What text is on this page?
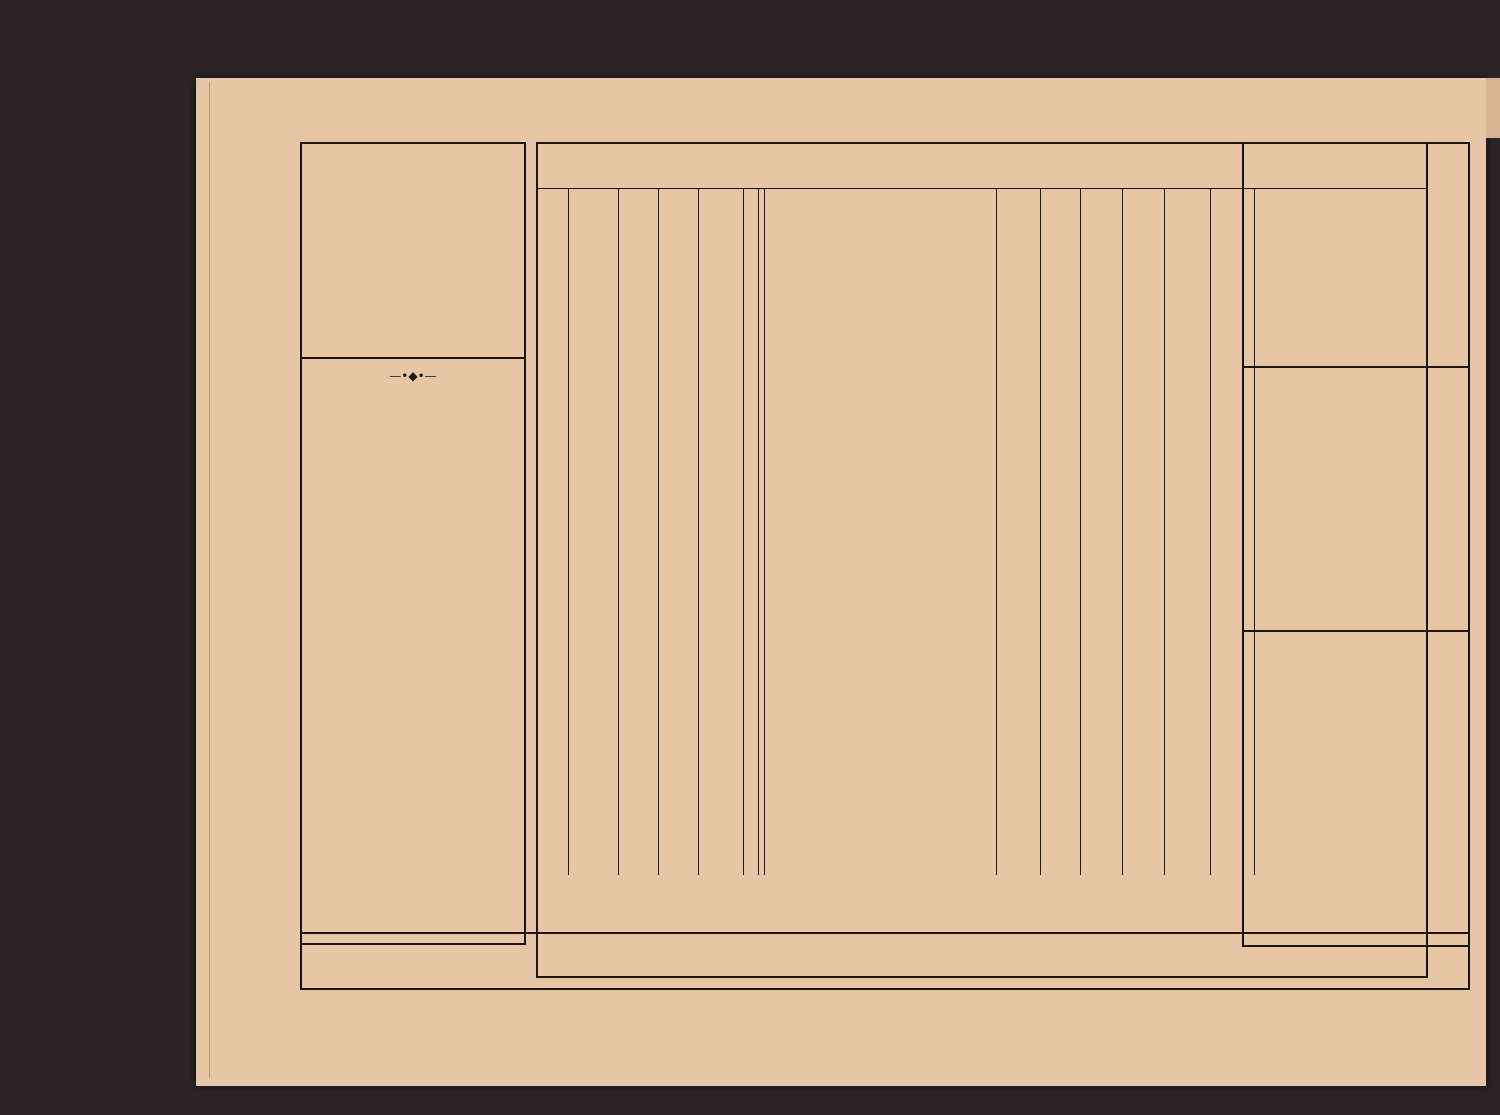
—•◆•—
